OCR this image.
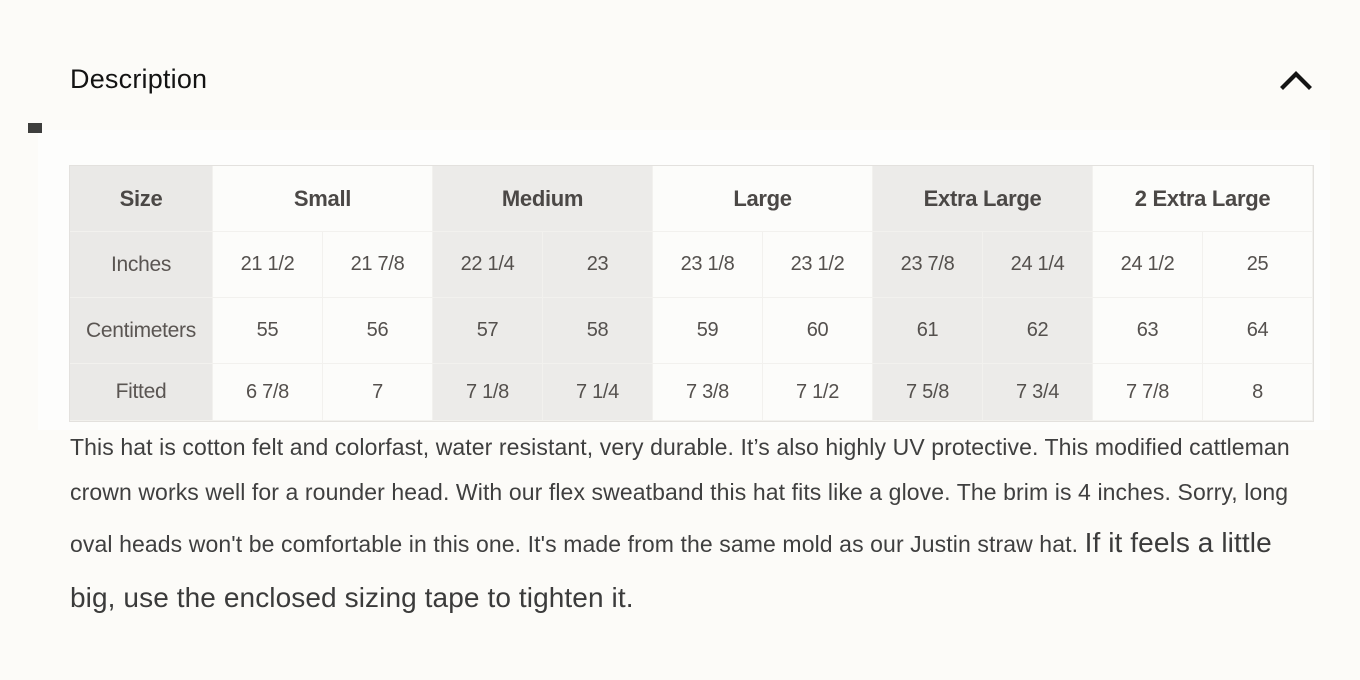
Description
Size	Small		Medium		Large		Extra Large		2 Extra Large	
Inches	21 1/2	21 7/8	22 1/4	23	23 1/8	23 1/2	23 7/8	24 1/4	24 1/2	25
Centimeters	55	56	57	58	59	60	61	62	63	64
Fitted	6 7/8	7	7 1/8	7 1/4	7 3/8	7 1/2	7 5/8	7 3/4	7 7/8	8

This hat is cotton felt and colorfast, water resistant, very durable. It’s also highly UV protective. This modified cattleman crown works well for a rounder head. With our flex sweatband this hat fits like a glove. The brim is 4 inches. Sorry, long oval heads won't be comfortable in this one. It's made from the same mold as our Justin straw hat. If it feels a little big, use the enclosed sizing tape to tighten it.
